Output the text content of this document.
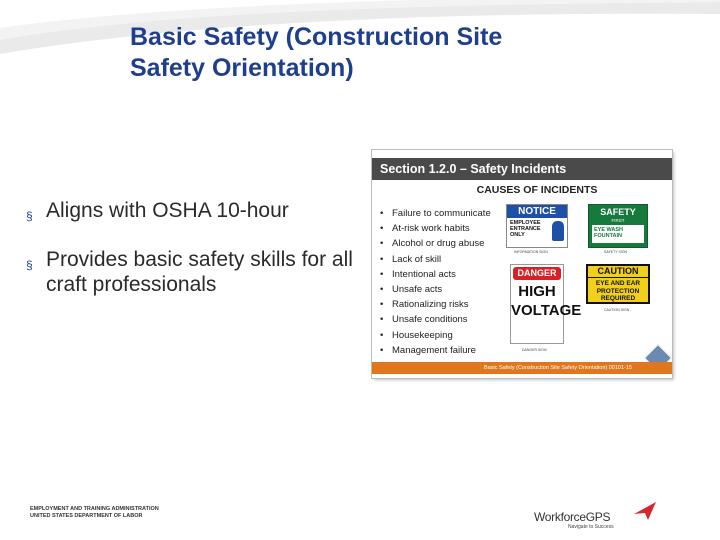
Basic Safety (Construction Site
Safety Orientation)
§ Aligns with OSHA 10-hour
§ Provides basic safety skills for all craft professionals
Section 1.2.0 – Safety Incidents
CAUSES OF INCIDENTS
• Failure to communicate
• At-risk work habits
• Alcohol or drug abuse
• Lack of skill
• Intentional acts
• Unsafe acts
• Rationalizing risks
• Unsafe conditions
• Housekeeping
• Management failure
NOTICE
EMPLOYEE ENTRANCE ONLY
INFORMATION SIGN
SAFETY
FIRST
EYE WASH FOUNTAIN
SAFETY SIGN
DANGER
HIGH
VOLTAGE
DANGER SIGN
CAUTION
EYE AND EAR PROTECTION REQUIRED
CAUTION SIGN
Basic Safety (Construction Site Safety Orientation) 00101-15
EMPLOYMENT AND TRAINING ADMINISTRATION
UNITED STATES DEPARTMENT OF LABOR	WorkforceGPS
Navigate to Success
